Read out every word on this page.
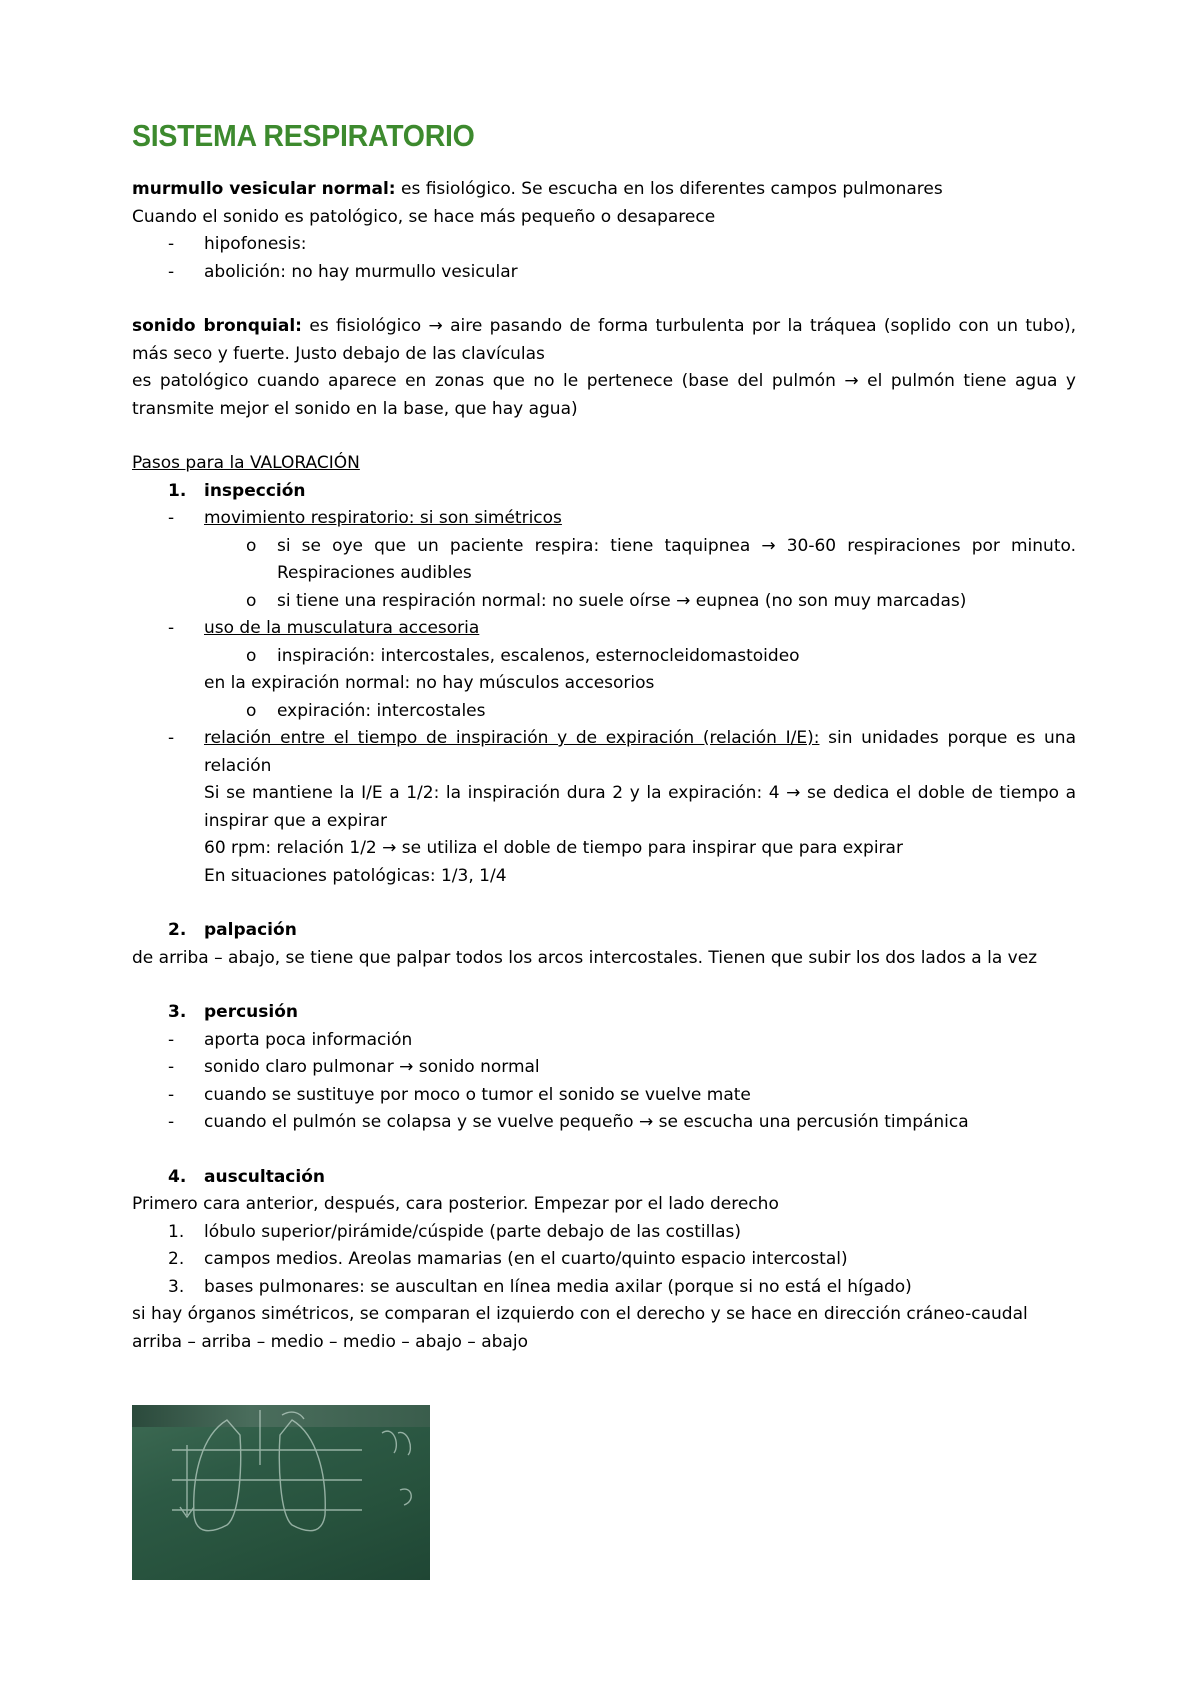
SISTEMA RESPIRATORIO

murmullo vesicular normal: es fisiológico. Se escucha en los diferentes campos pulmonares

Cuando el sonido es patológico, se hace más pequeño o desaparece

-	hipofonesis:
-	abolición: no hay murmullo vesicular

sonido bronquial: es fisiológico → aire pasando de forma turbulenta por la tráquea (soplido con un tubo), más seco y fuerte. Justo debajo de las clavículas

es patológico cuando aparece en zonas que no le pertenece (base del pulmón → el pulmón tiene agua y transmite mejor el sonido en la base, que hay agua)

Pasos para la VALORACIÓN

1.	inspección
-	movimiento respiratorio: si son simétricos
o	si se oye que un paciente respira: tiene taquipnea → 30-60 respiraciones por minuto. Respiraciones audibles
o	si tiene una respiración normal: no suele oírse → eupnea (no son muy marcadas)
-	uso de la musculatura accesoria
o	inspiración: intercostales, escalenos, esternocleidomastoideo

en la expiración normal: no hay músculos accesorios

o	expiración: intercostales
-	relación entre el tiempo de inspiración y de expiración (relación I/E): sin unidades porque es una relación

Si se mantiene la I/E a 1/2: la inspiración dura 2 y la expiración: 4 → se dedica el doble de tiempo a inspirar que a expirar

60 rpm: relación 1/2 → se utiliza el doble de tiempo para inspirar que para expirar

En situaciones patológicas: 1/3, 1/4

2.	palpación

de arriba – abajo, se tiene que palpar todos los arcos intercostales. Tienen que subir los dos lados a la vez

3.	percusión
-	aporta poca información
-	sonido claro pulmonar → sonido normal
-	cuando se sustituye por moco o tumor el sonido se vuelve mate
-	cuando el pulmón se colapsa y se vuelve pequeño → se escucha una percusión timpánica
4.	auscultación

Primero cara anterior, después, cara posterior. Empezar por el lado derecho

1.	lóbulo superior/pirámide/cúspide (parte debajo de las costillas)
2.	campos medios. Areolas mamarias (en el cuarto/quinto espacio intercostal)
3.	bases pulmonares: se auscultan en línea media axilar (porque si no está el hígado)

si hay órganos simétricos, se comparan el izquierdo con el derecho y se hace en dirección cráneo-caudal

arriba – arriba – medio – medio – abajo – abajo
